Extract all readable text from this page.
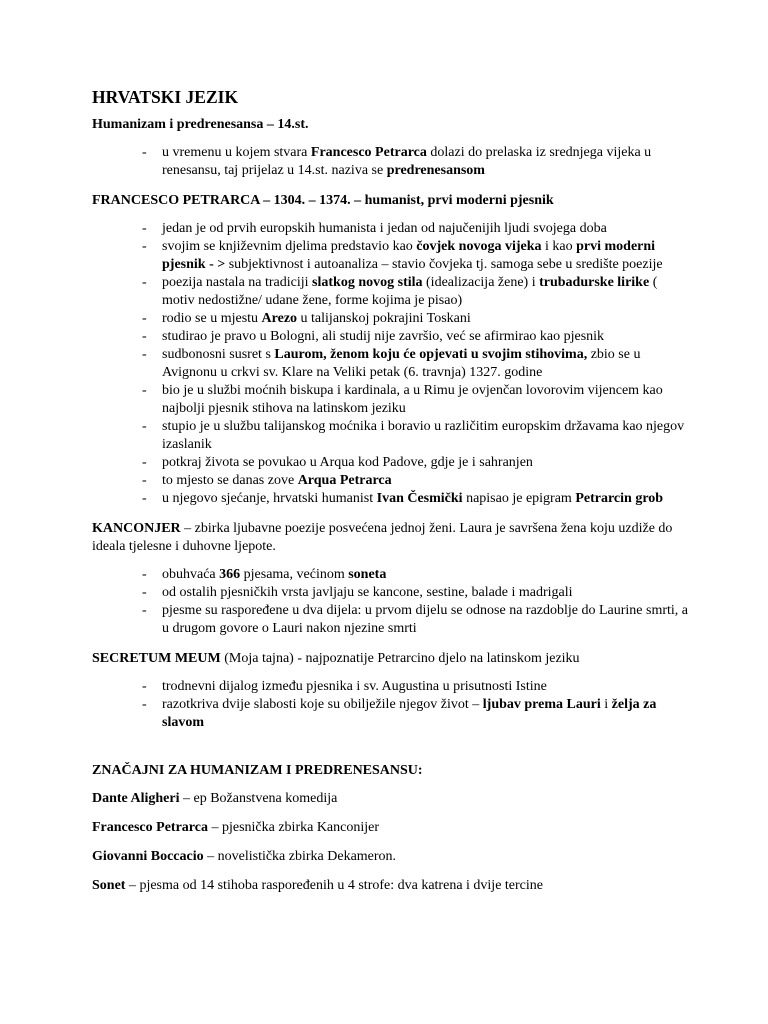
HRVATSKI JEZIK
Humanizam i predrenesansa – 14.st.
- u vremenu u kojem stvara Francesco Petrarca dolazi do prelaska iz srednjega vijeka u renesansu, taj prijelaz u 14.st. naziva se predrenesansom
FRANCESCO PETRARCA – 1304. – 1374. – humanist, prvi moderni pjesnik
- jedan je od prvih europskih humanista i jedan od najučenijih ljudi svojega doba
- svojim se književnim djelima predstavio kao čovjek novoga vijeka i kao prvi moderni pjesnik - > subjektivnost i autoanaliza – stavio čovjeka tj. samoga sebe u središte poezije
- poezija nastala na tradiciji slatkog novog stila (idealizacija žene) i trubadurske lirike ( motiv nedostižne/ udane žene, forme kojima je pisao)
- rodio se u mjestu Arezo u talijanskoj pokrajini Toskani
- studirao je pravo u Bologni, ali studij nije završio, već se afirmirao kao pjesnik
- sudbonosni susret s Laurom, ženom koju će opjevati u svojim stihovima, zbio se u Avignonu u crkvi sv. Klare na Veliki petak (6. travnja) 1327. godine
- bio je u službi moćnih biskupa i kardinala, a u Rimu je ovjenčan lovorovim vijencem kao najbolji pjesnik stihova na latinskom jeziku
- stupio je u službu talijanskog moćnika i boravio u različitim europskim državama kao njegov izaslanik
- potkraj života se povukao u Arqua kod Padove, gdje je i sahranjen
- to mjesto se danas zove Arqua Petrarca
- u njegovo sjećanje, hrvatski humanist Ivan Česmički napisao je epigram Petrarcin grob
KANCONJER – zbirka ljubavne poezije posvećena jednoj ženi. Laura je savršena žena koju uzdiže do ideala tjelesne i duhovne ljepote.
- obuhvaća 366 pjesama, većinom soneta
- od ostalih pjesničkih vrsta javljaju se kancone, sestine, balade i madrigali
- pjesme su raspoređene u dva dijela: u prvom dijelu se odnose na razdoblje do Laurine smrti, a u drugom govore o Lauri nakon njezine smrti
SECRETUM MEUM (Moja tajna) - najpoznatije Petrarcino djelo na latinskom jeziku
- trodnevni dijalog između pjesnika i sv. Augustina u prisutnosti Istine
- razotkriva dvije slabosti koje su obilježile njegov život – ljubav prema Lauri i želja za slavom
ZNAČAJNI ZA HUMANIZAM I PREDRENESANSU:
Dante Aligheri – ep Božanstvena komedija
Francesco Petrarca – pjesnička zbirka Kanconijer
Giovanni Boccacio – novelistička zbirka Dekameron.
Sonet – pjesma od 14 stihoba raspoređenih u 4 strofe: dva katrena i dvije tercine
